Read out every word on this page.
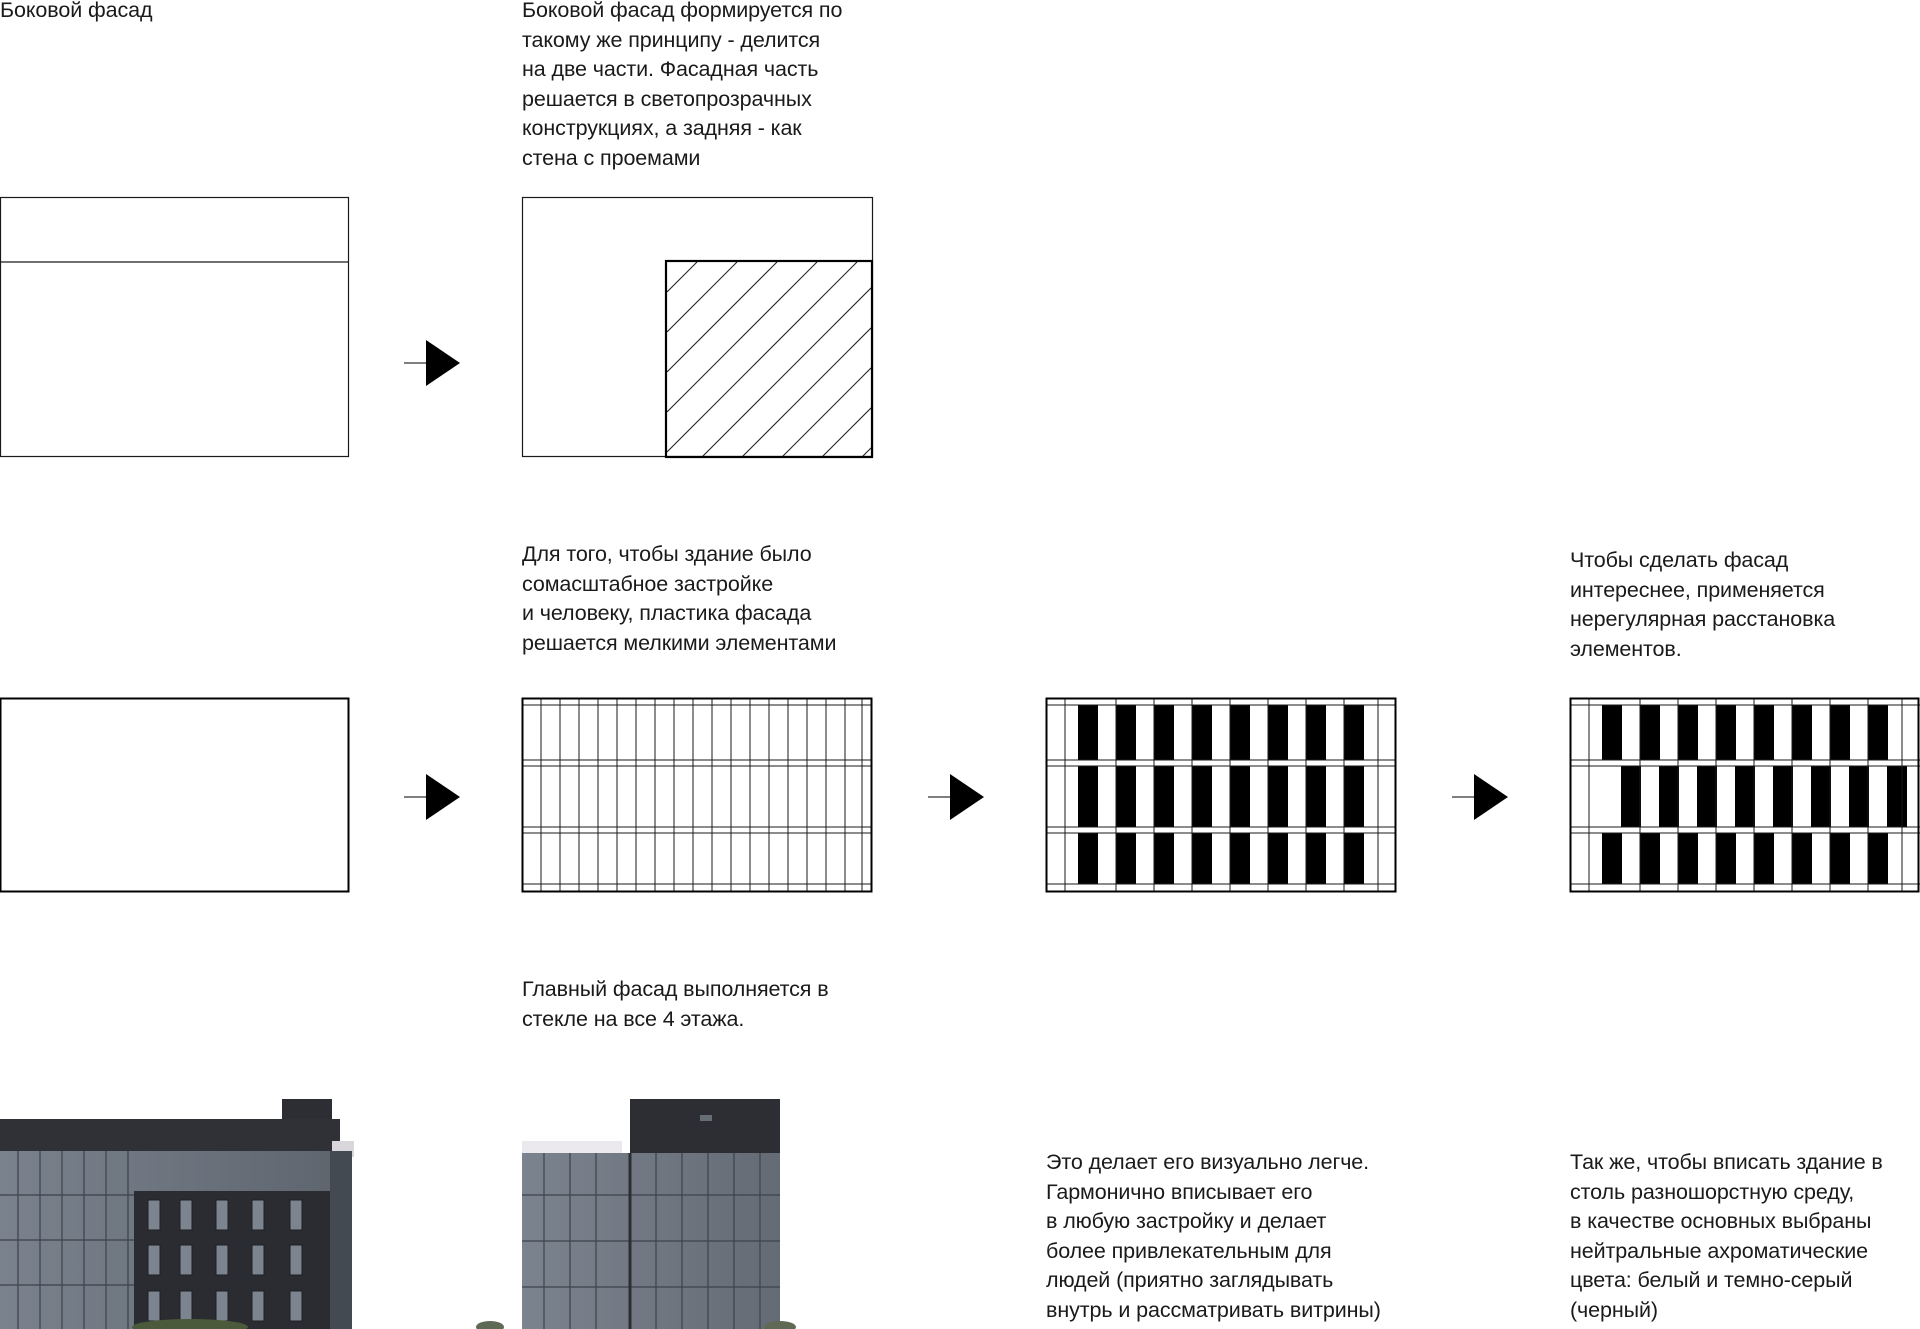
Боковой фасад	Боковой фасад формируется по
такому же принципу - делится
на две части. Фасадная часть
решается в светопрозрачных
конструкциях, а задняя - как
стена с проемами
Для того, чтобы здание было
сомасштабное застройке
и человеку, пластика фасада
решается мелкими элементами
Чтобы сделать фасад
интереснее, применяется
нерегулярная расстановка
элементов.
Главный фасад выполняется в
стекле на все 4 этажа.
Это делает его визуально легче.
Гармонично вписывает его
в любую застройку и делает
более привлекательным для
людей (приятно заглядывать
внутрь и рассматривать витрины)
Так же, чтобы вписать здание в
столь разношорстную среду,
в качестве основных выбраны
нейтральные ахроматические
цвета: белый и темно-серый
(черный)
